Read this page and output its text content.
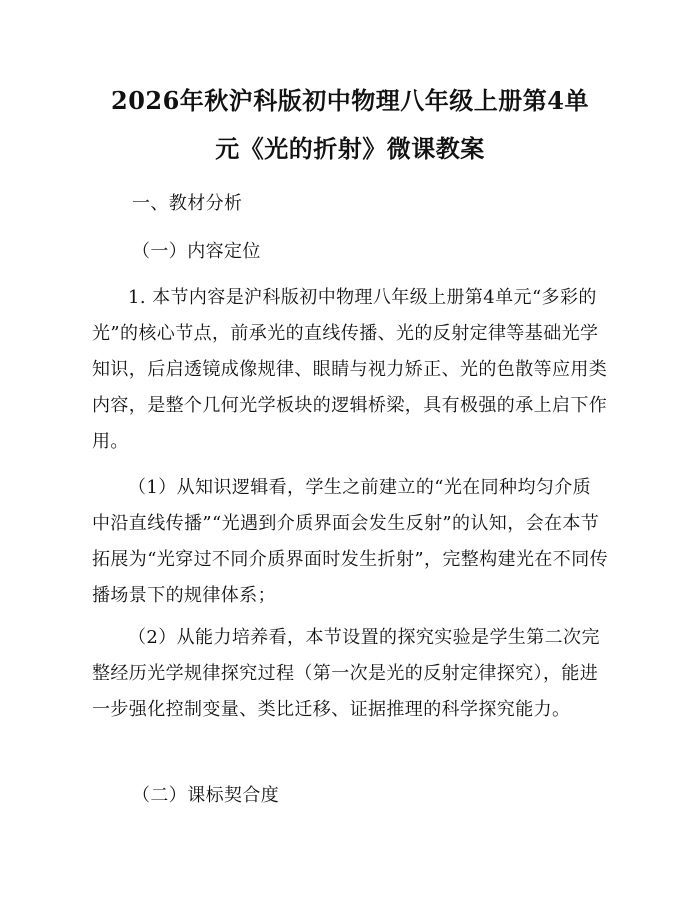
2026年秋沪科版初中物理八年级上册第4单
元《光的折射》微课教案
一、教材分析
（一）内容定位
1. 本节内容是沪科版初中物理八年级上册第4单元“多彩的光”的核心节点，前承光的直线传播、光的反射定律等基础光学知识，后启透镜成像规律、眼睛与视力矫正、光的色散等应用类内容，是整个几何光学板块的逻辑桥梁，具有极强的承上启下作用。
（1）从知识逻辑看，学生之前建立的“光在同种均匀介质中沿直线传播”“光遇到介质界面会发生反射”的认知，会在本节拓展为“光穿过不同介质界面时发生折射”，完整构建光在不同传播场景下的规律体系；
（2）从能力培养看，本节设置的探究实验是学生第二次完整经历光学规律探究过程（第一次是光的反射定律探究），能进一步强化控制变量、类比迁移、证据推理的科学探究能力。
（二）课标契合度
